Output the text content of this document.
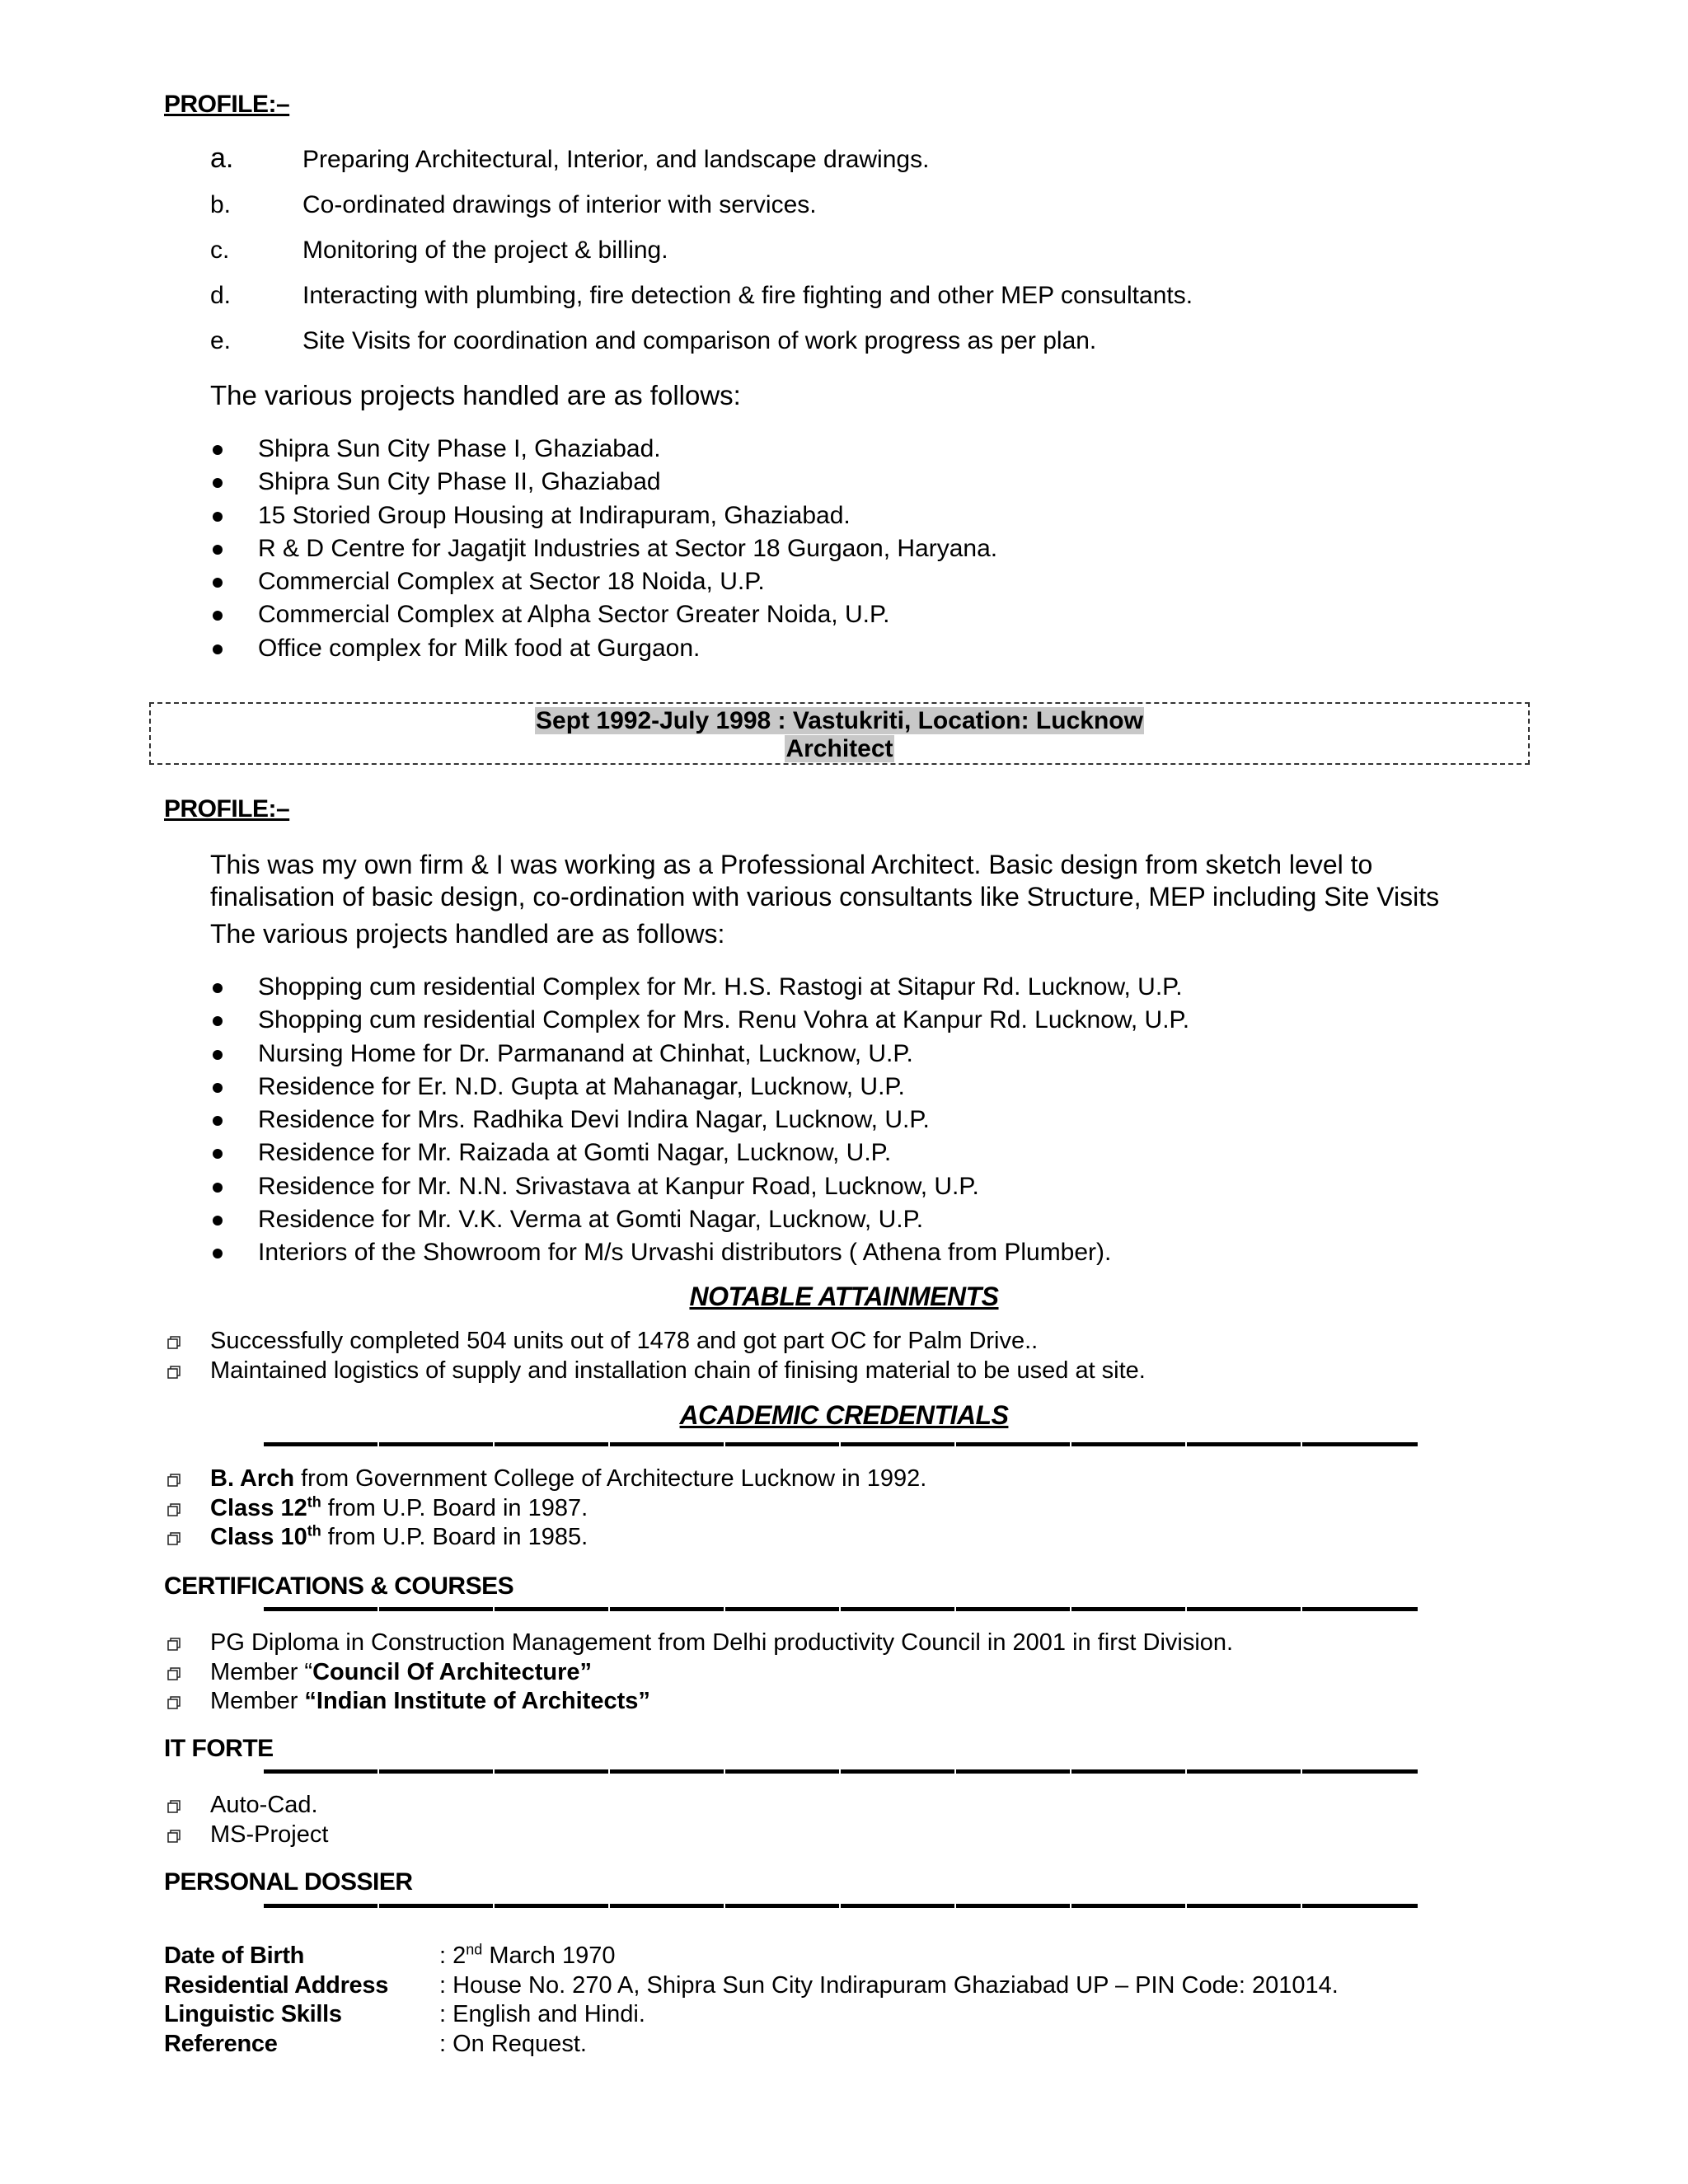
PROFILE:–
a.	Preparing Architectural, Interior, and landscape drawings.
b.	Co-ordinated drawings of interior with services.
c.	Monitoring of the project & billing.
d.	Interacting with plumbing, fire detection & fire fighting and other MEP consultants.
e.	Site Visits for coordination and comparison of work progress as per plan.
The various projects handled are as follows:
Shipra Sun City Phase I, Ghaziabad.
Shipra Sun City Phase II, Ghaziabad
15 Storied Group Housing at Indirapuram, Ghaziabad.
R & D Centre for Jagatjit Industries at Sector 18 Gurgaon, Haryana.
Commercial Complex at Sector 18 Noida, U.P.
Commercial Complex at Alpha Sector Greater Noida, U.P.
Office complex for Milk food at Gurgaon.
Sept 1992-July 1998 : Vastukriti, Location: Lucknow
Architect
PROFILE:–
This was my own firm & I was working as a Professional Architect. Basic design from sketch level to
finalisation of basic design, co-ordination with various consultants like Structure, MEP including Site Visits
The various projects handled are as follows:
Shopping cum residential Complex for Mr. H.S. Rastogi at Sitapur Rd. Lucknow, U.P.
Shopping cum residential Complex for Mrs. Renu Vohra at Kanpur Rd. Lucknow, U.P.
Nursing Home for Dr. Parmanand at Chinhat, Lucknow, U.P.
Residence for Er. N.D. Gupta at Mahanagar, Lucknow, U.P.
Residence for Mrs. Radhika Devi Indira Nagar, Lucknow, U.P.
Residence for Mr. Raizada at Gomti Nagar, Lucknow, U.P.
Residence for Mr. N.N. Srivastava at Kanpur Road, Lucknow, U.P.
Residence for Mr. V.K. Verma at Gomti Nagar, Lucknow, U.P.
Interiors of the Showroom for M/s Urvashi distributors ( Athena from Plumber).
NOTABLE ATTAINMENTS
Successfully completed 504 units out of 1478 and got part OC for Palm Drive..
Maintained logistics of supply and installation chain of finising material to be used at site.
ACADEMIC CREDENTIALS
B. Arch from Government College of Architecture Lucknow in 1992.
Class 12th from U.P. Board in 1987.
Class 10th from U.P. Board in 1985.
CERTIFICATIONS & COURSES
PG Diploma in Construction Management from Delhi productivity Council in 2001 in first Division.
Member “Council Of Architecture”
Member “Indian Institute of Architects”
IT FORTE
Auto-Cad.
MS-Project
PERSONAL DOSSIER
Date of Birth	: 2nd March 1970
Residential Address : House No. 270 A, Shipra Sun City Indirapuram Ghaziabad UP – PIN Code: 201014.
Linguistic Skills	: English and Hindi.
Reference	: On Request.
